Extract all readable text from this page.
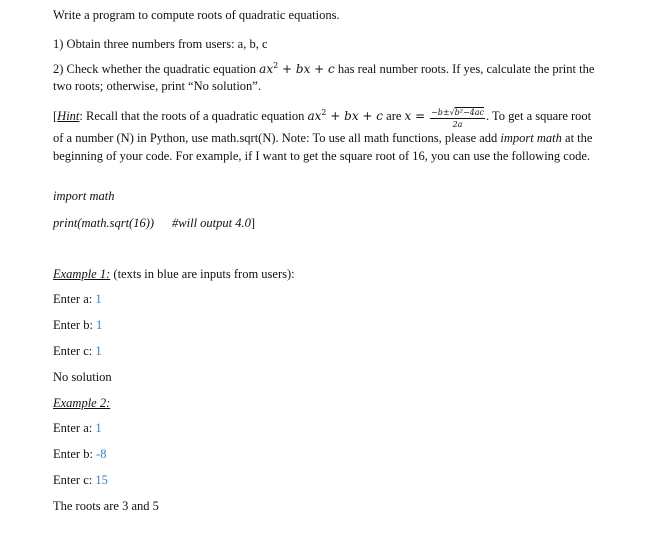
Write a program to compute roots of quadratic equations.
1) Obtain three numbers from users: a, b, c
2) Check whether the quadratic equation $ax^2$ + bx + c has real number roots. If yes, calculate the print the two roots; otherwise, print “No solution”.
[Hint: Recall that the roots of a quadratic equation $ax^2$ + bx + c are $x = \frac{\text{−b±√b²−4ac}}{2a}$ . To get a square root of a number (N) in Python, use math.sqrt(N). Note: To use all math functions, please add import math at the beginning of your code. For example, if I want to get the square root of 16, you can use the following code.
import math
print(math.sqrt(16)) #will output 4.0]
Example 1: (texts in blue are inputs from users):
Enter a: 1
Enter b: 1
Enter c: 1
No solution
Example 2:
Enter a: 1
Enter b: -8
Enter c: 15
The roots are 3 and 5
